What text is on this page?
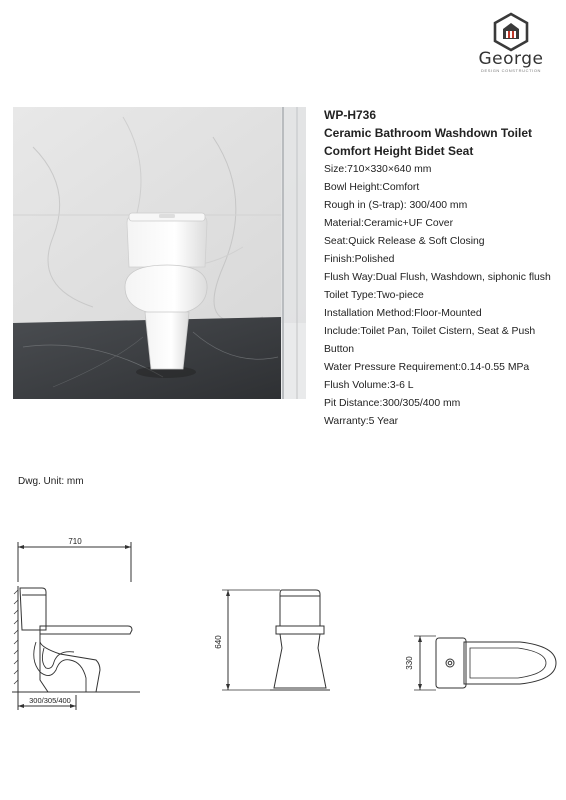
George
DESIGN CONSTRUCTION
WP-H736
Ceramic Bathroom Washdown Toilet
Comfort Height Bidet Seat
Size:710×330×640 mm
Bowl Height:Comfort
Rough in (S-trap): 300/400 mm
Material:Ceramic+UF Cover
Seat:Quick Release & Soft Closing
Finish:Polished
Flush Way:Dual Flush, Washdown, siphonic flush
Toilet Type:Two-piece
Installation Method:Floor-Mounted
Include:Toilet Pan, Toilet Cistern, Seat & Push Button
Water Pressure Requirement:0.14-0.55 MPa
Flush Volume:3-6 L
Pit Distance:300/305/400 mm
Warranty:5 Year
Dwg. Unit: mm
710
300/305/400
640
330
